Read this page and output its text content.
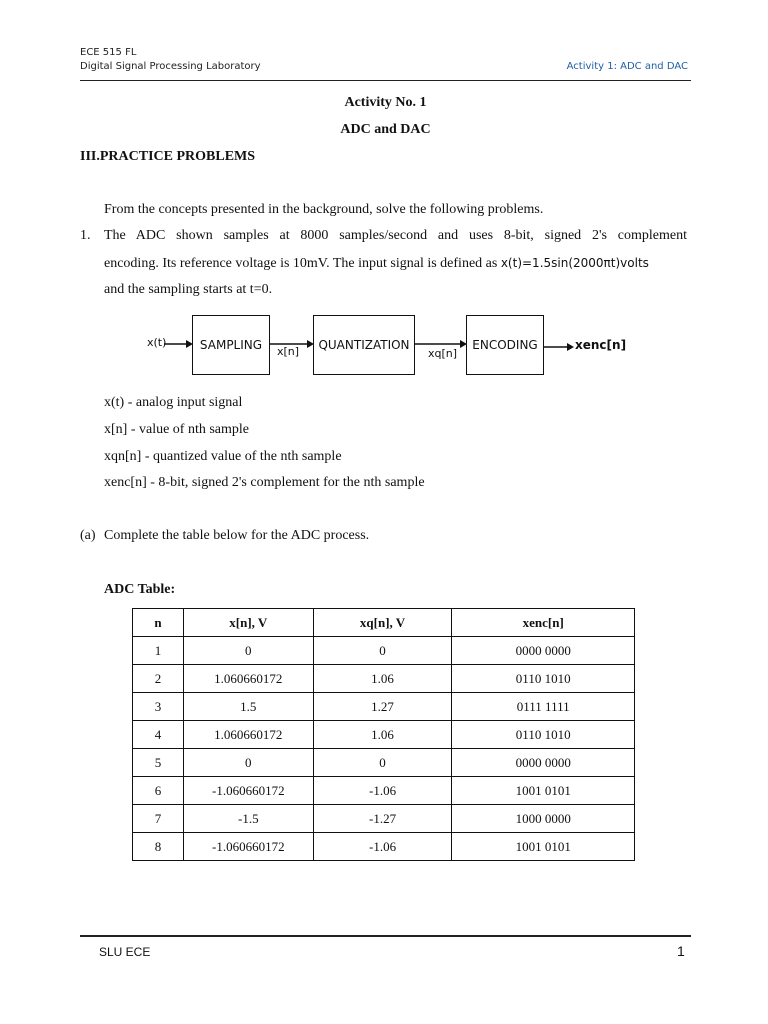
ECE 515 FL
Digital Signal Processing Laboratory	Activity 1: ADC and DAC
Activity No. 1
ADC and DAC
III.PRACTICE PROBLEMS
From the concepts presented in the background, solve the following problems.
1. The ADC shown samples at 8000 samples/second and uses 8-bit, signed 2's complement
encoding. Its reference voltage is 10mV. The input signal is defined as x(t)=1.5sin(2000πt)volts
and the sampling starts at t=0.
x(t)	SAMPLING	x[n]	QUANTIZATION
xq[n]
ENCODING	xenc[n]
x(t) - analog input signal
x[n] - value of nth sample
xqn[n] - quantized value of the nth sample
xenc[n] - 8-bit, signed 2's complement for the nth sample
(a) Complete the table below for the ADC process.
ADC Table:
n	x[n], V	xq[n], V	xenc[n]
1	0	0	0000 0000
2	1.060660172	1.06	0110 1010
3	1.5	1.27	0111 1111
4	1.060660172	1.06	0110 1010
5	0	0	0000 0000
6	-1.060660172	-1.06	1001 0101
7	-1.5	-1.27	1000 0000
8	-1.060660172	-1.06	1001 0101
SLU ECE	1
